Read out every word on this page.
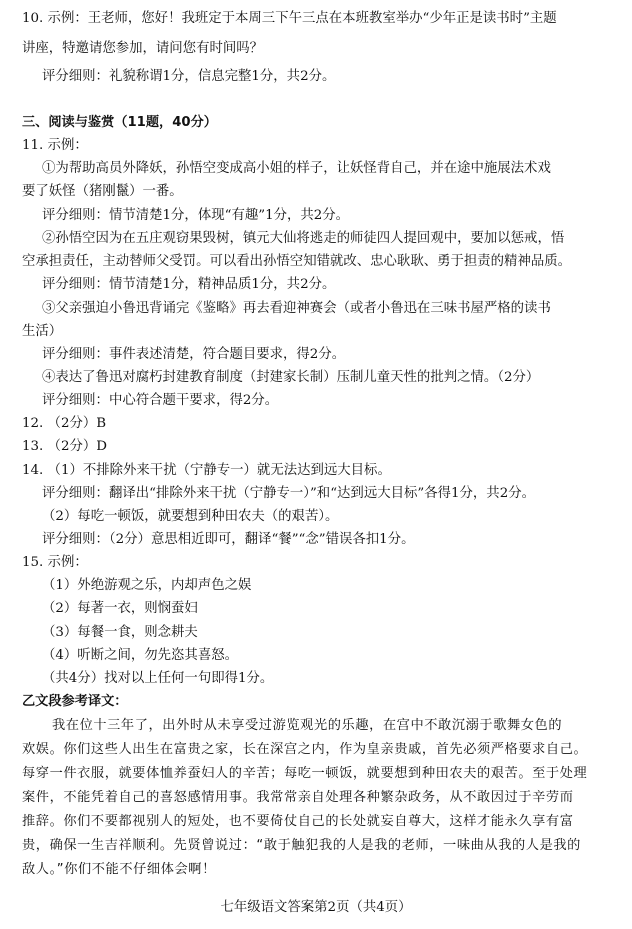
10. 示例：王老师，您好！我班定于本周三下午三点在本班教室举办“少年正是读书时”主题
讲座，特邀请您参加，请问您有时间吗？
评分细则：礼貌称谓1分，信息完整1分，共2分。
三、阅读与鉴赏（11题，40分）
11. 示例：
①为帮助高员外降妖，孙悟空变成高小姐的样子，让妖怪背自己，并在途中施展法术戏
要了妖怪（猪刚鬣）一番。
评分细则：情节清楚1分，体现“有趣”1分，共2分。
②孙悟空因为在五庄观窃果毁树，镇元大仙将逃走的师徒四人提回观中，要加以惩戒，悟
空承担责任，主动替师父受罚。可以看出孙悟空知错就改、忠心耿耿、勇于担责的精神品质。
评分细则：情节清楚1分，精神品质1分，共2分。
③父亲强迫小鲁迅背诵完《鉴略》再去看迎神赛会（或者小鲁迅在三味书屋严格的读书
生活）
评分细则：事件表述清楚，符合题目要求，得2分。
④表达了鲁迅对腐朽封建教育制度（封建家长制）压制儿童天性的批判之情。（2分）
评分细则：中心符合题干要求，得2分。
12. （2分）B
13. （2分）D
14. （1）不排除外来干扰（宁静专一）就无法达到远大目标。
评分细则：翻译出“排除外来干扰（宁静专一）”和“达到远大目标”各得1分，共2分。
（2）每吃一顿饭，就要想到种田农夫（的艰苦）。
评分细则：（2分）意思相近即可，翻译“餐”“念”错误各扣1分。
15. 示例：
（1）外绝游观之乐，内却声色之娱
（2）每著一衣，则悯蚕妇
（3）每餐一食，则念耕夫
（4）听断之间，勿先恣其喜怒。
（共4分）找对以上任何一句即得1分。
乙文段参考译文：
我在位十三年了，出外时从未享受过游览观光的乐趣，在宫中不敢沉溺于歌舞女色的
欢娱。你们这些人出生在富贵之家，长在深宫之内，作为皇亲贵戚，首先必须严格要求自己。
每穿一件衣服，就要体恤养蚕妇人的辛苦；每吃一顿饭，就要想到种田农夫的艰苦。至于处理
案件，不能凭着自己的喜怒感情用事。我常常亲自处理各种繁杂政务，从不敢因过于辛劳而
推辞。你们不要都视别人的短处，也不要倚仗自己的长处就妄自尊大，这样才能永久享有富
贵，确保一生吉祥顺利。先贤曾说过：“敢于触犯我的人是我的老师，一味曲从我的人是我的
敌人。”你们不能不仔细体会啊！
七年级语文答案第2页（共4页）
